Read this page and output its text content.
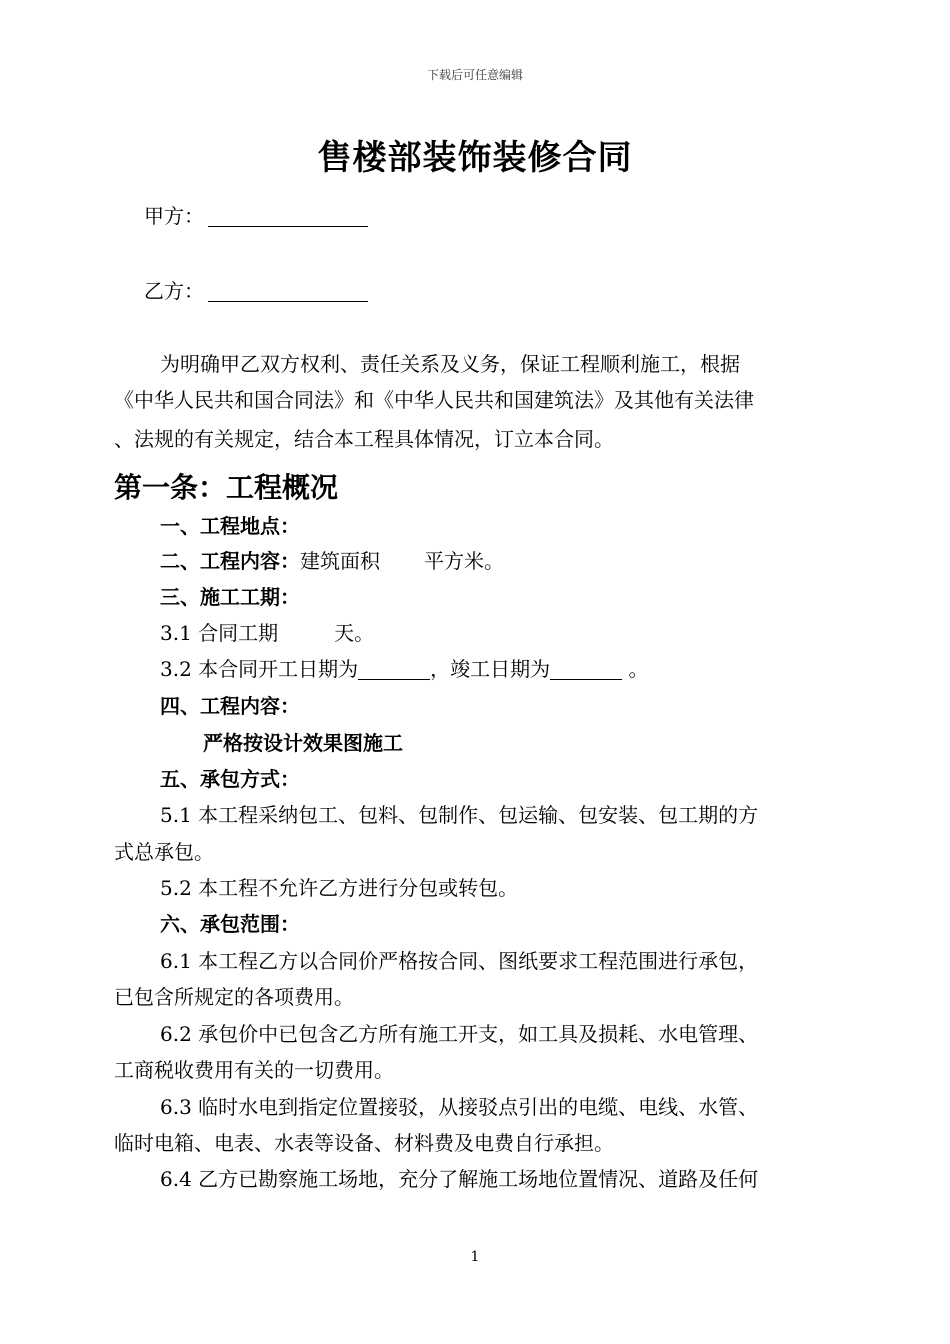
下载后可任意编辑
售楼部装饰装修合同
甲方：
乙方：
为明确甲乙双方权利、责任关系及义务，保证工程顺利施工，根据
《中华人民共和国合同法》和《中华人民共和国建筑法》及其他有关法律
、法规的有关规定，结合本工程具体情况，订立本合同。
第一条：工程概况
一、工程地点：
二、工程内容：建筑面积 平方米。
三、施工工期：
3.1 合同工期	天。
3.2 本合同开工日期为	，竣工日期为	。
四、工程内容：
严格按设计效果图施工
五、承包方式：
5.1 本工程采纳包工、包料、包制作、包运输、包安装、包工期的方
式总承包。
5.2 本工程不允许乙方进行分包或转包。
六、承包范围：
6.1 本工程乙方以合同价严格按合同、图纸要求工程范围进行承包，
已包含所规定的各项费用。
6.2 承包价中已包含乙方所有施工开支，如工具及损耗、水电管理、
工商税收费用有关的一切费用。
6.3 临时水电到指定位置接驳，从接驳点引出的电缆、电线、水管、
临时电箱、电表、水表等设备、材料费及电费自行承担。
6.4 乙方已勘察施工场地，充分了解施工场地位置情况、道路及任何
1
